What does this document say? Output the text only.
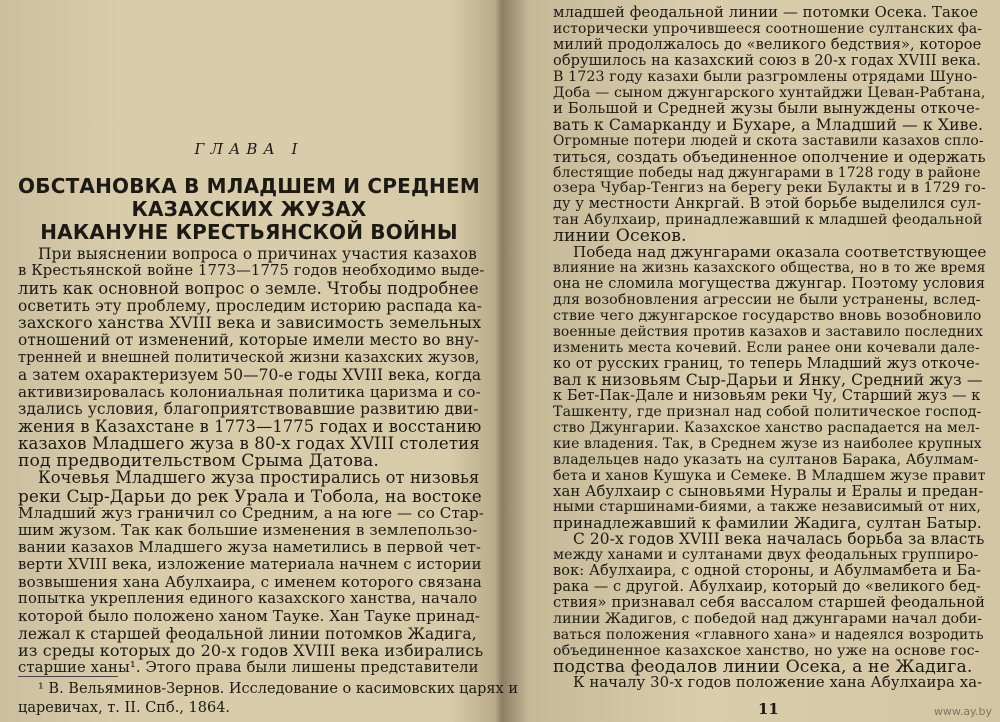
ГЛАВА I
ОБСТАНОВКА В МЛАДШЕМ И СРЕДНЕМ
КАЗАХСКИХ ЖУЗАХ
НАКАНУНЕ КРЕСТЬЯНСКОЙ ВОЙНЫ
При выяснении вопроса о причинах участия казахов
в Крестьянской войне 1773—1775 годов необходимо выде-
лить как основной вопрос о земле. Чтобы подробнее
осветить эту проблему, проследим историю распада ка-
захского ханства XVIII века и зависимость земельных
отношений от изменений, которые имели место во вну-
тренней и внешней политической жизни казахских жузов,
а затем охарактеризуем 50—70-е годы XVIII века, когда
активизировалась колониальная политика царизма и со-
здались условия, благоприятствовавшие развитию дви-
жения в Казахстане в 1773—1775 годах и восстанию
казахов Младшего жуза в 80-х годах XVIII столетия
под предводительством Срыма Датова.
Кочевья Младшего жуза простирались от низовья
реки Сыр-Дарьи до рек Урала и Тобола, на востоке
Младший жуз граничил со Средним, а на юге — со Стар-
шим жузом. Так как большие изменения в землепользо-
вании казахов Младшего жуза наметились в первой чет-
верти XVIII века, изложение материала начнем с истории
возвышения хана Абулхаира, с именем которого связана
попытка укрепления единого казахского ханства, начало
которой было положено ханом Тауке. Хан Тауке принад-
лежал к старшей феодальной линии потомков Жадига,
из среды которых до 20-х годов XVIII века избирались
старшие ханы¹. Этого права были лишены представители
¹ В. Вельяминов-Зернов. Исследование о касимовских царях и
царевичах, т. II. Спб., 1864.
младшей феодальной линии — потомки Осека. Такое
исторически упрочившееся соотношение султанских фа-
милий продолжалось до «великого бедствия», которое
обрушилось на казахский союз в 20-х годах XVIII века.
В 1723 году казахи были разгромлены отрядами Шуно-
Доба — сыном джунгарского хунтайджи Цеван-Рабтана,
и Большой и Средней жузы были вынуждены откоче-
вать к Самарканду и Бухаре, а Младший — к Хиве.
Огромные потери людей и скота заставили казахов спло-
титься, создать объединенное ополчение и одержать
блестящие победы над джунгарами в 1728 году в районе
озера Чубар-Тенгиз на берегу реки Булакты и в 1729 го-
ду у местности Анкргай. В этой борьбе выделился сул-
тан Абулхаир, принадлежавший к младшей феодальной
линии Осеков.
Победа над джунгарами оказала соответствующее
влияние на жизнь казахского общества, но в то же время
она не сломила могущества джунгар. Поэтому условия
для возобновления агрессии не были устранены, вслед-
ствие чего джунгарское государство вновь возобновило
военные действия против казахов и заставило последних
изменить места кочевий. Если ранее они кочевали дале-
ко от русских границ, то теперь Младший жуз откоче-
вал к низовьям Сыр-Дарьи и Янку, Средний жуз —
к Бет-Пак-Дале и низовьям реки Чу, Старший жуз — к
Ташкенту, где признал над собой политическое господ-
ство Джунгарии. Казахское ханство распадается на мел-
кие владения. Так, в Среднем жузе из наиболее крупных
владельцев надо указать на султанов Барака, Абулмам-
бета и ханов Кушука и Семеке. В Младшем жузе правит
хан Абулхаир с сыновьями Нуралы и Ералы и предан-
ными старшинами-биями, а также независимый от них,
принадлежавший к фамилии Жадига, султан Батыр.
С 20-х годов XVIII века началась борьба за власть
между ханами и султанами двух феодальных группиро-
вок: Абулхаира, с одной стороны, и Абулмамбета и Ба-
рака — с другой. Абулхаир, который до «великого бед-
ствия» признавал себя вассалом старшей феодальной
линии Жадигов, с победой над джунгарами начал доби-
ваться положения «главного хана» и надеялся возродить
объединенное казахское ханство, но уже на основе гос-
подства феодалов линии Осека, а не Жадига.
К началу 30-х годов положение хана Абулхаира ха-
11	www.ay.by
